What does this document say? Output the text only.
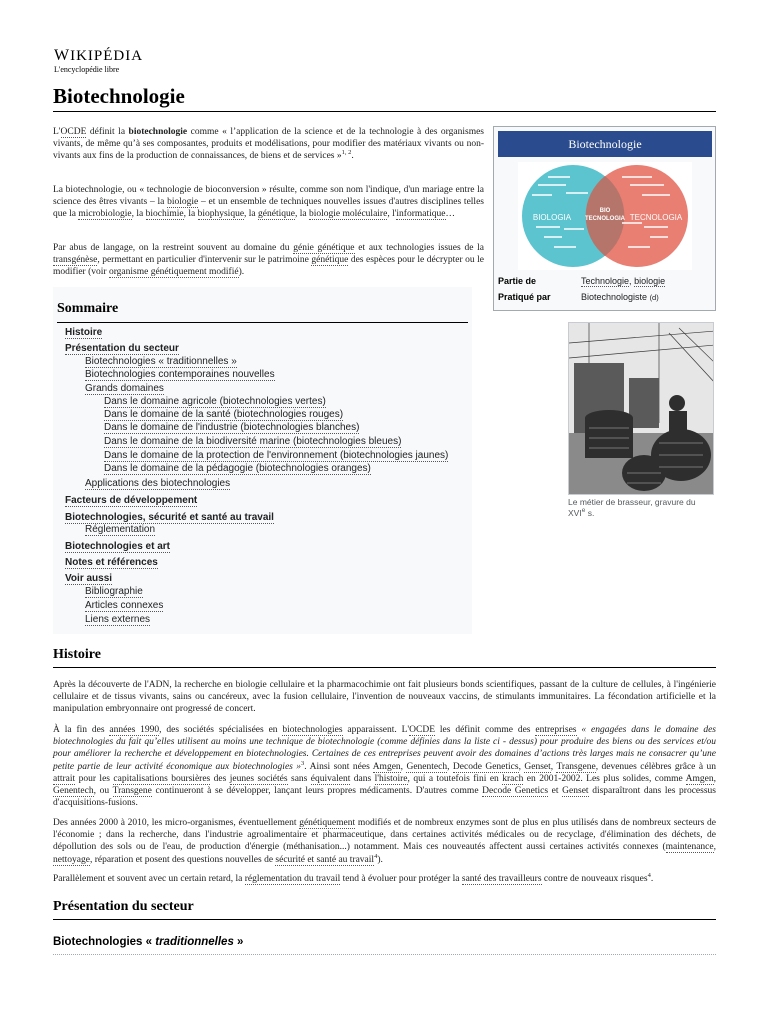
WIKIPÉDIA
L'encyclopédie libre
Biotechnologie
L'OCDE définit la biotechnologie comme « l’application de la science et de la technologie à des organismes vivants, de même qu’à ses composantes, produits et modélisations, pour modifier des matériaux vivants ou non-vivants aux fins de la production de connaissances, de biens et de services »$^{1, 2}$.
La biotechnologie, ou « technologie de bioconversion » résulte, comme son nom l'indique, d'un mariage entre la science des êtres vivants – la biologie – et un ensemble de techniques nouvelles issues d'autres disciplines telles que la microbiologie, la biochimie, la biophysique, la génétique, la biologie moléculaire, l'informatique…
Par abus de langage, on la restreint souvent au domaine du génie génétique et aux technologies issues de la transgénèse, permettant en particulier d'intervenir sur le patrimoine génétique des espèces pour le décrypter ou le modifier (voir organisme génétiquement modifié).
Biotechnologie
BIOLOGIA
BIO
TECNOLOGIA TECNOLOGIA
Partie de	Technologie, biologie
Pratiqué par	Biotechnologiste (d)
Le métier de brasseur, gravure du XVIe s.
Sommaire
Histoire
Présentation du secteur
Biotechnologies « traditionnelles »
Biotechnologies contemporaines nouvelles
Grands domaines
Dans le domaine agricole (biotechnologies vertes)
Dans le domaine de la santé (biotechnologies rouges)
Dans le domaine de l'industrie (biotechnologies blanches)
Dans le domaine de la biodiversité marine (biotechnologies bleues)
Dans le domaine de la protection de l'environnement (biotechnologies jaunes)
Dans le domaine de la pédagogie (biotechnologies oranges)
Applications des biotechnologies
Facteurs de développement
Biotechnologies, sécurité et santé au travail
Réglementation
Biotechnologies et art
Notes et références
Voir aussi
Bibliographie
Articles connexes
Liens externes
Histoire
Après la découverte de l'ADN, la recherche en biologie cellulaire et la pharmacochimie ont fait plusieurs bonds scientifiques, passant de la culture de cellules, à l'ingénierie cellulaire et de tissus vivants, sains ou cancéreux, avec la fusion cellulaire, l'invention de nouveaux vaccins, de stimulants immunitaires. La fécondation artificielle et la manipulation embryonnaire ont progressé de concert.
À la fin des années 1990, des sociétés spécialisées en biotechnologies apparaissent. L'OCDE les définit comme des entreprises « engagées dans le domaine des biotechnologies du fait qu’elles utilisent au moins une technique de biotechnologie (comme définies dans la liste ci - dessus) pour produire des biens ou des services et/ou pour améliorer la recherche et développement en biotechnologies. Certaines de ces entreprises peuvent avoir des domaines d’actions très larges mais ne consacrer qu’une petite partie de leur activité économique aux biotechnologies »$^3$. Ainsi sont nées Amgen, Genentech, Decode Genetics, Genset, Transgene, devenues célèbres grâce à un attrait pour les capitalisations boursières des jeunes sociétés sans équivalent dans l'histoire, qui a toutefois fini en krach en 2001-2002. Les plus solides, comme Amgen, Genentech, ou Transgene continueront à se développer, lançant leurs propres médicaments. D'autres comme Decode Genetics et Genset disparaîtront dans les processus d'acquisitions-fusions.
Des années 2000 à 2010, les micro-organismes, éventuellement génétiquement modifiés et de nombreux enzymes sont de plus en plus utilisés dans de nombreux secteurs de l'économie ; dans la recherche, dans l'industrie agroalimentaire et pharmaceutique, dans certaines activités médicales ou de recyclage, d'élimination des déchets, de dépollution des sols ou de l'eau, de production d'énergie (méthanisation...) notamment. Mais ces nouveautés affectent aussi certaines activités connexes (maintenance, nettoyage, réparation et posent des questions nouvelles de sécurité et santé au travail$^4$).
Parallèlement et souvent avec un certain retard, la réglementation du travail tend à évoluer pour protéger la santé des travailleurs contre de nouveaux risques$^4$.
Présentation du secteur
Biotechnologies « traditionnelles »
